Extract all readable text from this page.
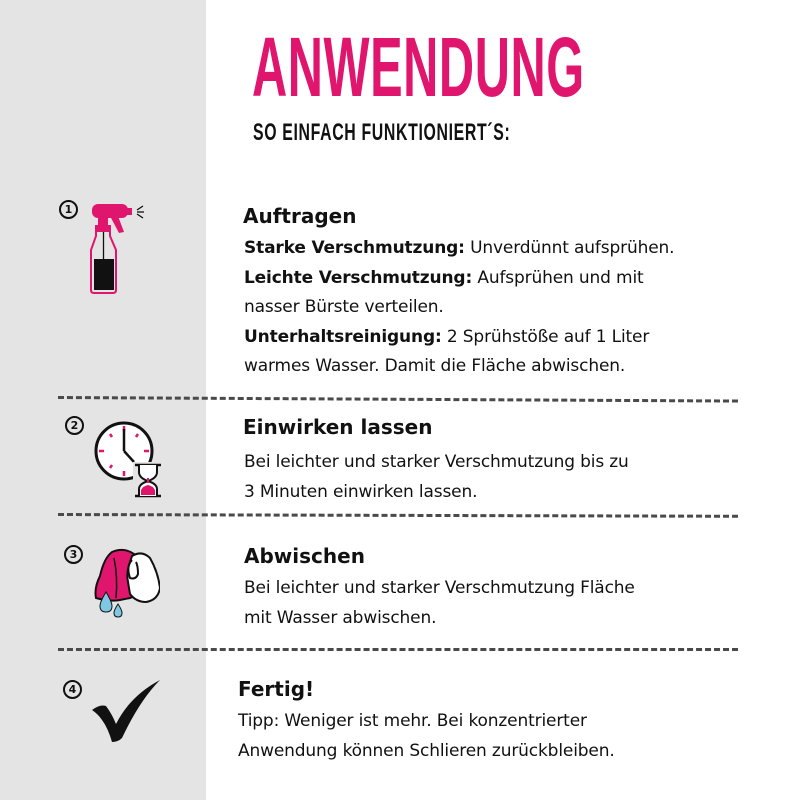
ANWENDUNG
SO EINFACH FUNKTIONIERT´S:
1	Auftragen
Starke Verschmutzung: Unverdünnt aufsprühen.
Leichte Verschmutzung: Aufsprühen und mit
nasser Bürste verteilen.
Unterhaltsreinigung: 2 Sprühstöße auf 1 Liter
warmes Wasser. Damit die Fläche abwischen.
2	Einwirken lassen
Bei leichter und starker Verschmutzung bis zu
3 Minuten einwirken lassen.
3	Abwischen
Bei leichter und starker Verschmutzung Fläche
mit Wasser abwischen.
4	Fertig!
Tipp: Weniger ist mehr. Bei konzentrierter
Anwendung können Schlieren zurückbleiben.
